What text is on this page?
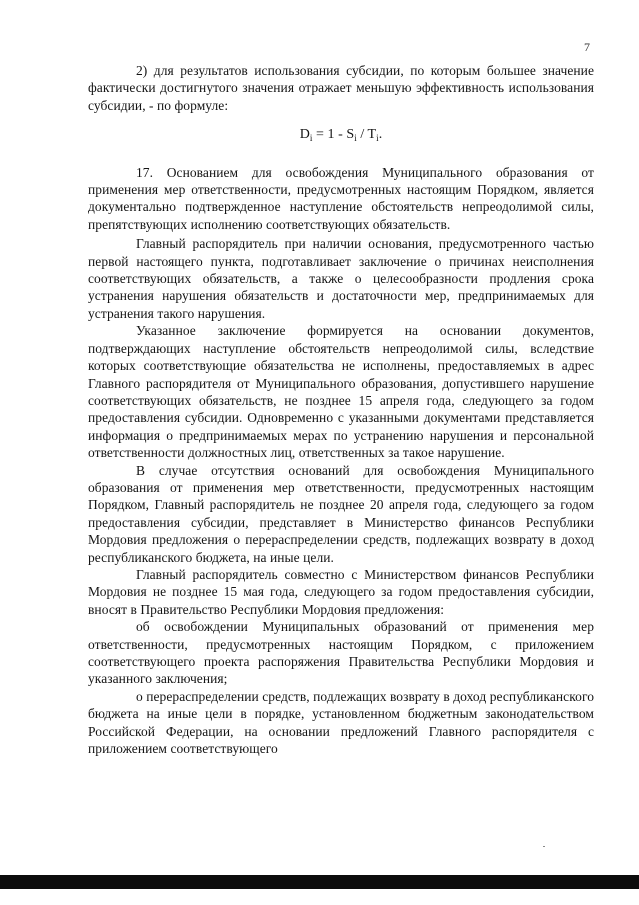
7

2) для результатов использования субсидии, по которым большее значение фактически достигнутого значения отражает меньшую эффективность использования субсидии, - по формуле:

$D_i = 1 - S_i / T_i$.

17. Основанием для освобождения Муниципального образования от применения мер ответственности, предусмотренных настоящим Порядком, является документально подтвержденное наступление обстоятельств непреодолимой силы, препятствующих исполнению соответствующих обязательств.

Главный распорядитель при наличии основания, предусмотренного частью первой настоящего пункта, подготавливает заключение о причинах неисполнения соответствующих обязательств, а также о целесообразности продления срока устранения нарушения обязательств и достаточности мер, предпринимаемых для устранения такого нарушения.

Указанное заключение формируется на основании документов, подтверждающих наступление обстоятельств непреодолимой силы, вследствие которых соответствующие обязательства не исполнены, предоставляемых в адрес Главного распорядителя от Муниципального образования, допустившего нарушение соответствующих обязательств, не позднее 15 апреля года, следующего за годом предоставления субсидии. Одновременно с указанными документами представляется информация о предпринимаемых мерах по устранению нарушения и персональной ответственности должностных лиц, ответственных за такое нарушение.

В случае отсутствия оснований для освобождения Муниципального образования от применения мер ответственности, предусмотренных настоящим Порядком, Главный распорядитель не позднее 20 апреля года, следующего за годом предоставления субсидии, представляет в Министерство финансов Республики Мордовия предложения о перераспределении средств, подлежащих возврату в доход республиканского бюджета, на иные цели.

Главный распорядитель совместно с Министерством финансов Республики Мордовия не позднее 15 мая года, следующего за годом предоставления субсидии, вносят в Правительство Республики Мордовия предложения:

об освобождении Муниципальных образований от применения мер ответственности, предусмотренных настоящим Порядком, с приложением соответствующего проекта распоряжения Правительства Республики Мордовия и указанного заключения;

о перераспределении средств, подлежащих возврату в доход республиканского бюджета на иные цели в порядке, установленном бюджетным законодательством Российской Федерации, на основании предложений Главного распорядителя с приложением соответствующего
